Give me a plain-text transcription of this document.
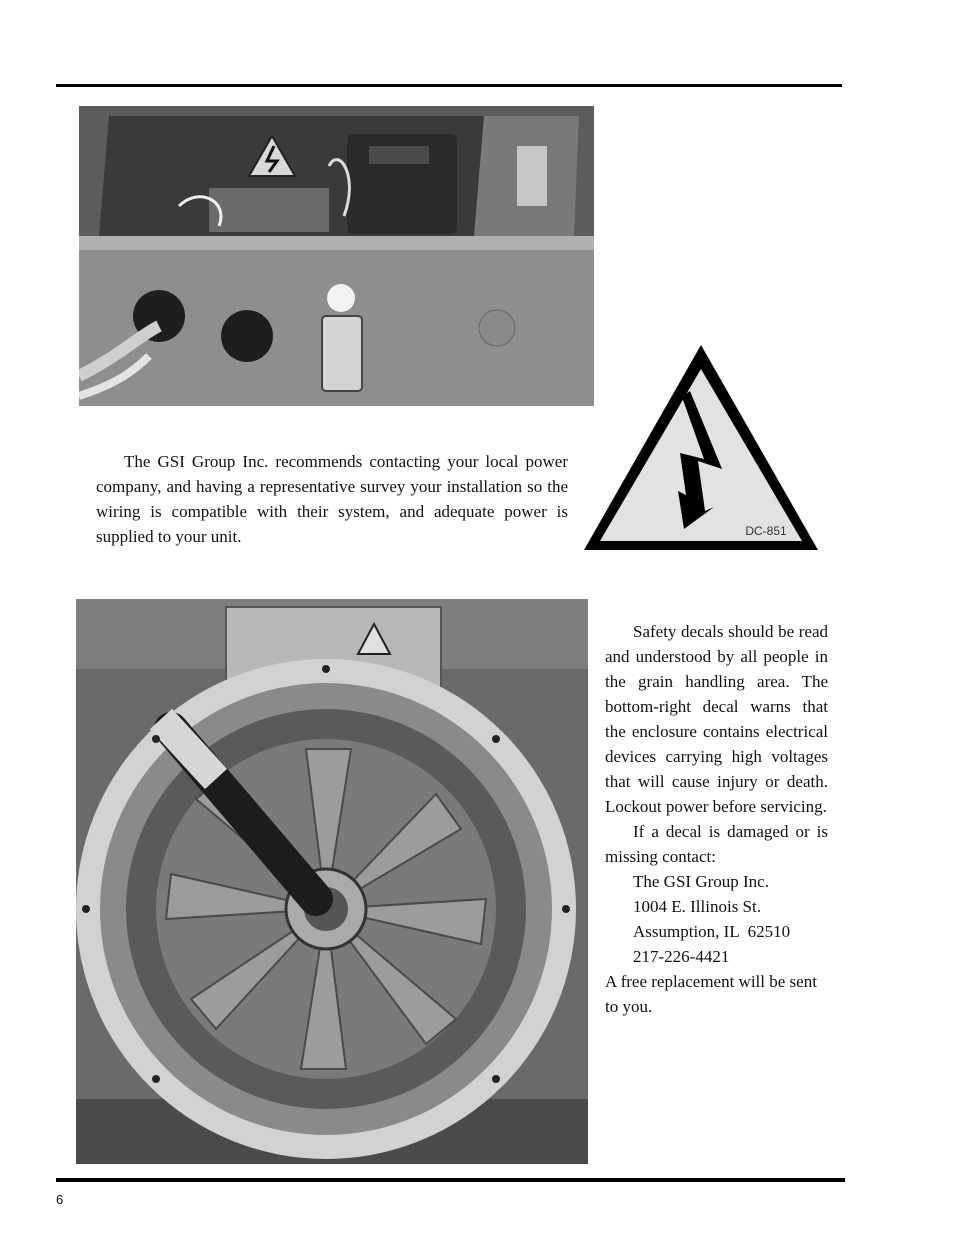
The GSI Group Inc. recommends contacting your local power company, and having a representative survey your installation so the wiring is compatible with their system, and adequate power is supplied to your unit.	DC-851
Safety decals should be read and understood by all people in the grain handling area. The bottom-right decal warns that the enclosure contains electrical devices carrying high voltages that will cause injury or death. Lockout power before servicing.
If a decal is damaged or is missing contact:
The GSI Group Inc.
1004 E. Illinois St.
Assumption, IL  62510
217-226-4421
A free replacement will be sent to you.
6
